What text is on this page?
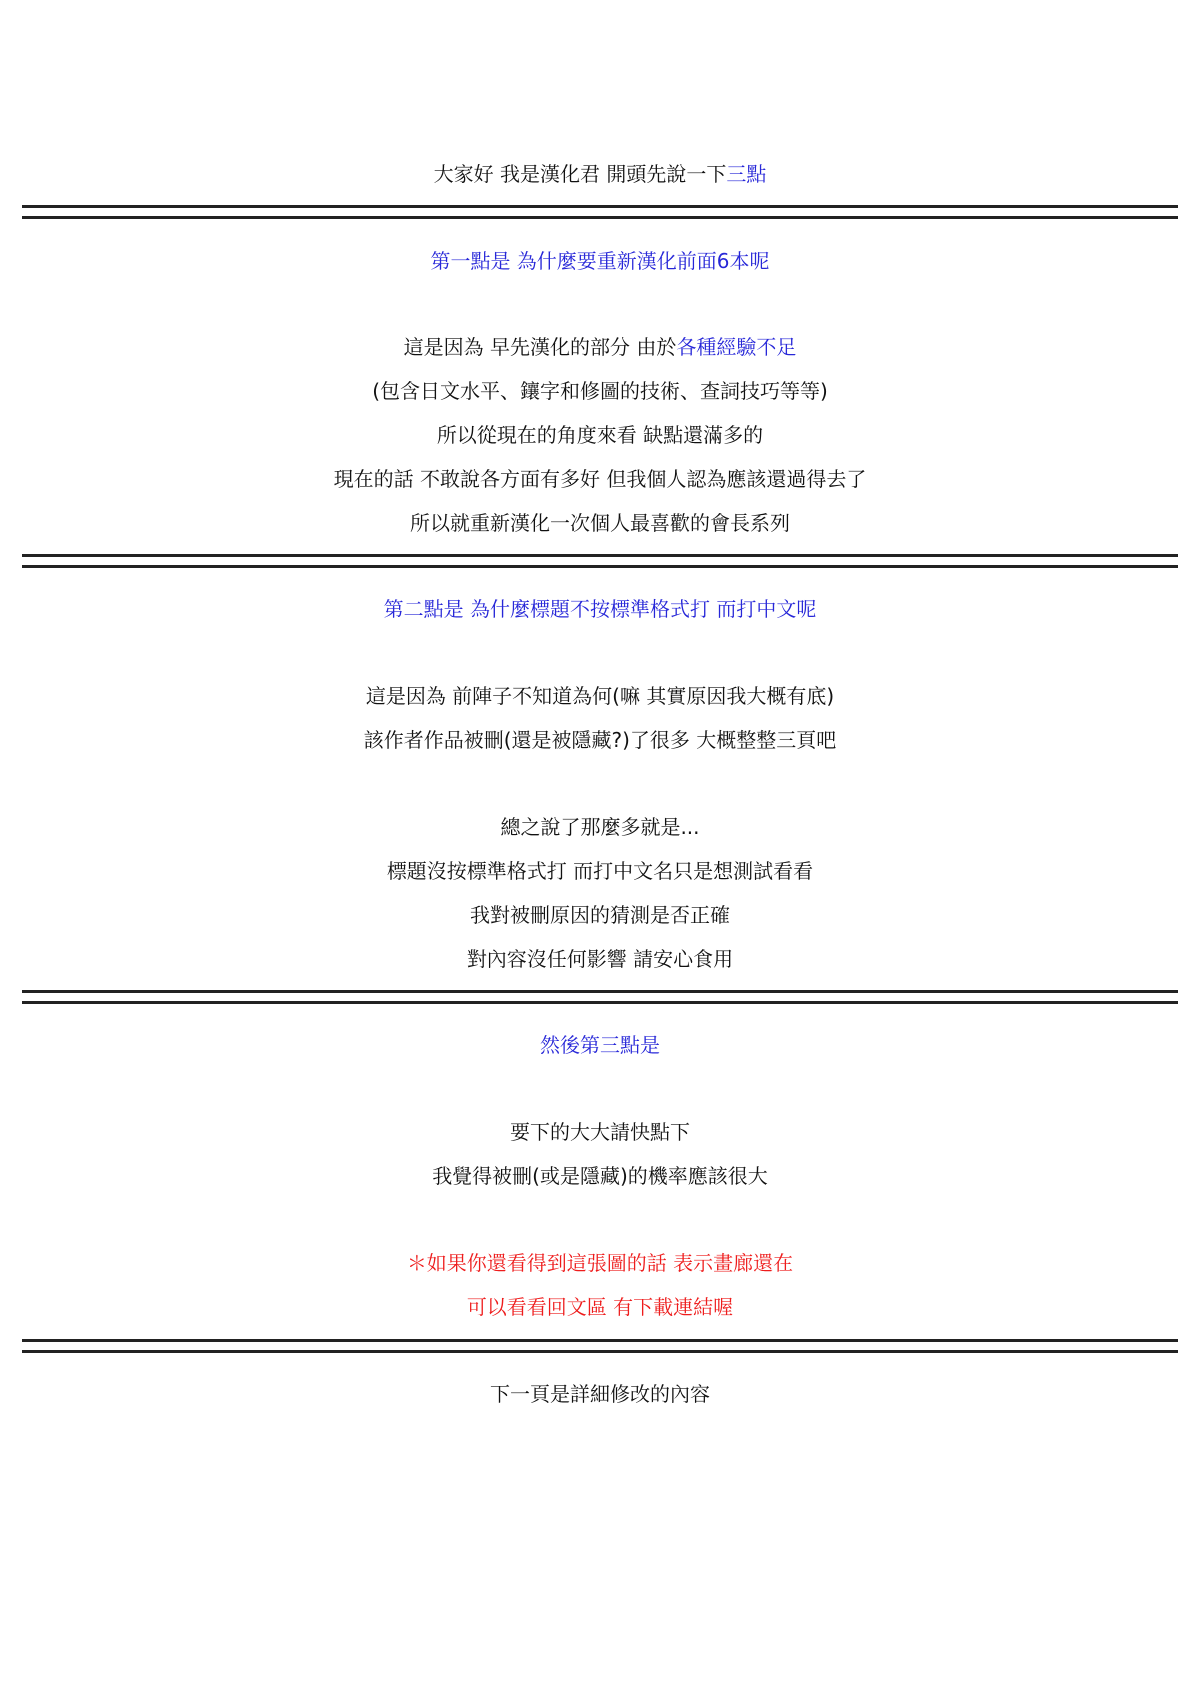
大家好 我是漢化君 開頭先說一下三點
第一點是 為什麼要重新漢化前面6本呢
這是因為 早先漢化的部分 由於各種經驗不足
(包含日文水平、鑲字和修圖的技術、查詞技巧等等)
所以從現在的角度來看 缺點還滿多的
現在的話 不敢說各方面有多好 但我個人認為應該還過得去了
所以就重新漢化一次個人最喜歡的會長系列
第二點是 為什麼標題不按標準格式打 而打中文呢
這是因為 前陣子不知道為何(嘛 其實原因我大概有底)
該作者作品被刪(還是被隱藏?)了很多 大概整整三頁吧
總之說了那麼多就是...
標題沒按標準格式打 而打中文名只是想測試看看
我對被刪原因的猜測是否正確
對內容沒任何影響 請安心食用
然後第三點是
要下的大大請快點下
我覺得被刪(或是隱藏)的機率應該很大
＊如果你還看得到這張圖的話 表示畫廊還在
可以看看回文區 有下載連結喔
下一頁是詳細修改的內容
